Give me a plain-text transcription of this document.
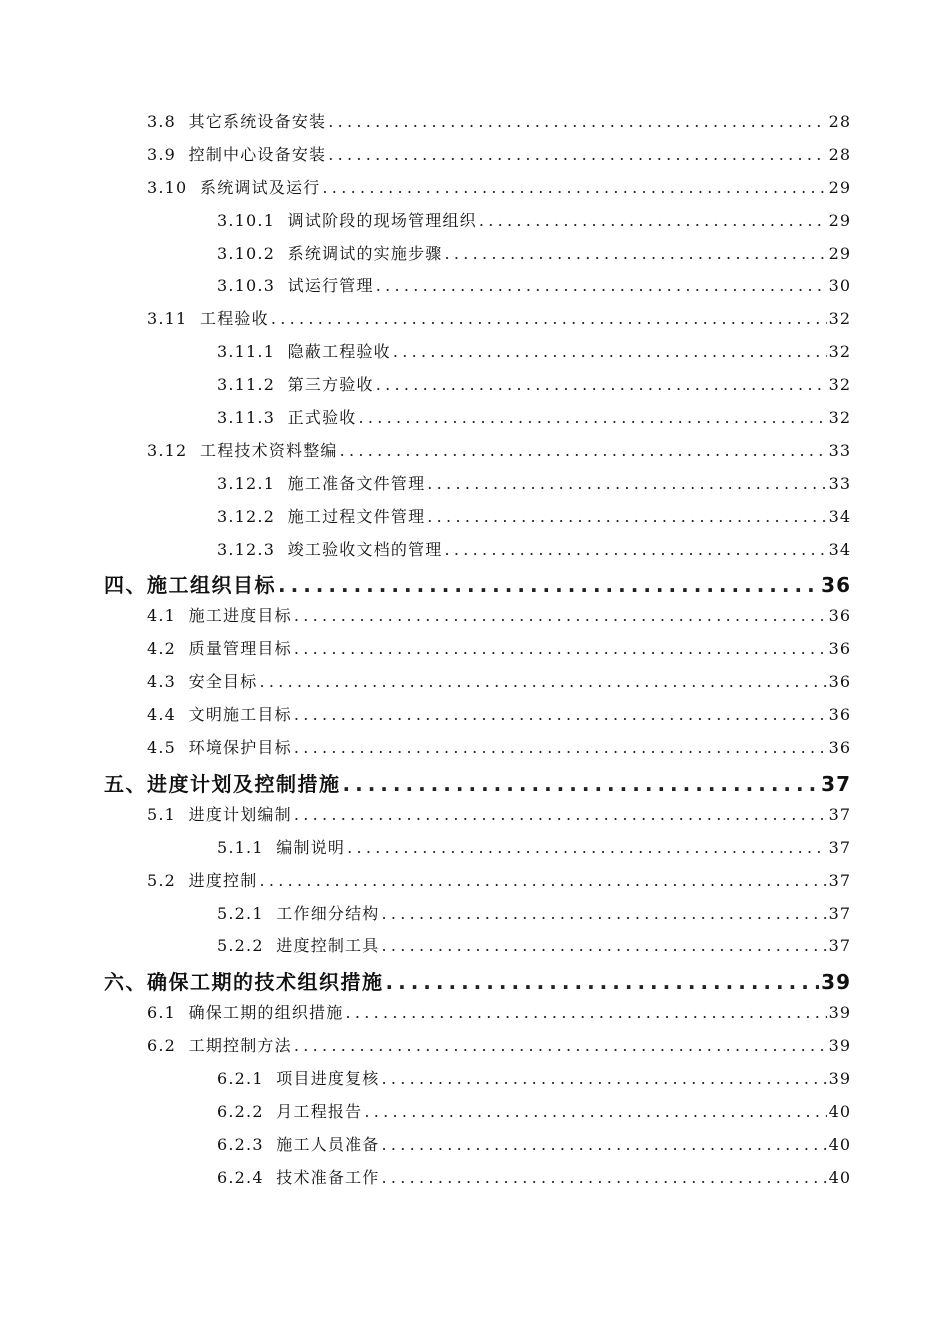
3.8 其它系统设备安装 .....	28
3.9 控制中心设备安装 .....	28
3.10 系统调试及运行 .....	29
3.10.1 调试阶段的现场管理组织 .....	29
3.10.2 系统调试的实施步骤 .....	29
3.10.3 试运行管理 .....	30
3.11 工程验收 .....	32
3.11.1 隐蔽工程验收 .....	32
3.11.2 第三方验收 .....	32
3.11.3 正式验收 .....	32
3.12 工程技术资料整编 .....	33
3.12.1 施工准备文件管理 .....	33
3.12.2 施工过程文件管理 .....	34
3.12.3 竣工验收文档的管理 .....	34
四、 施工组织目标 .....	36
4.1 施工进度目标 .....	36
4.2 质量管理目标 .....	36
4.3 安全目标 .....	36
4.4 文明施工目标 .....	36
4.5 环境保护目标 .....	36
五、 进度计划及控制措施 .....	37
5.1 进度计划编制 .....	37
5.1.1 编制说明 .....	37
5.2 进度控制 .....	37
5.2.1 工作细分结构 .....	37
5.2.2 进度控制工具 .....	37
六、 确保工期的技术组织措施 .....	39
6.1 确保工期的组织措施 .....	39
6.2 工期控制方法 .....	39
6.2.1 项目进度复核 .....	39
6.2.2 月工程报告 .....	40
6.2.3 施工人员准备 .....	40
6.2.4 技术准备工作 .....	40
